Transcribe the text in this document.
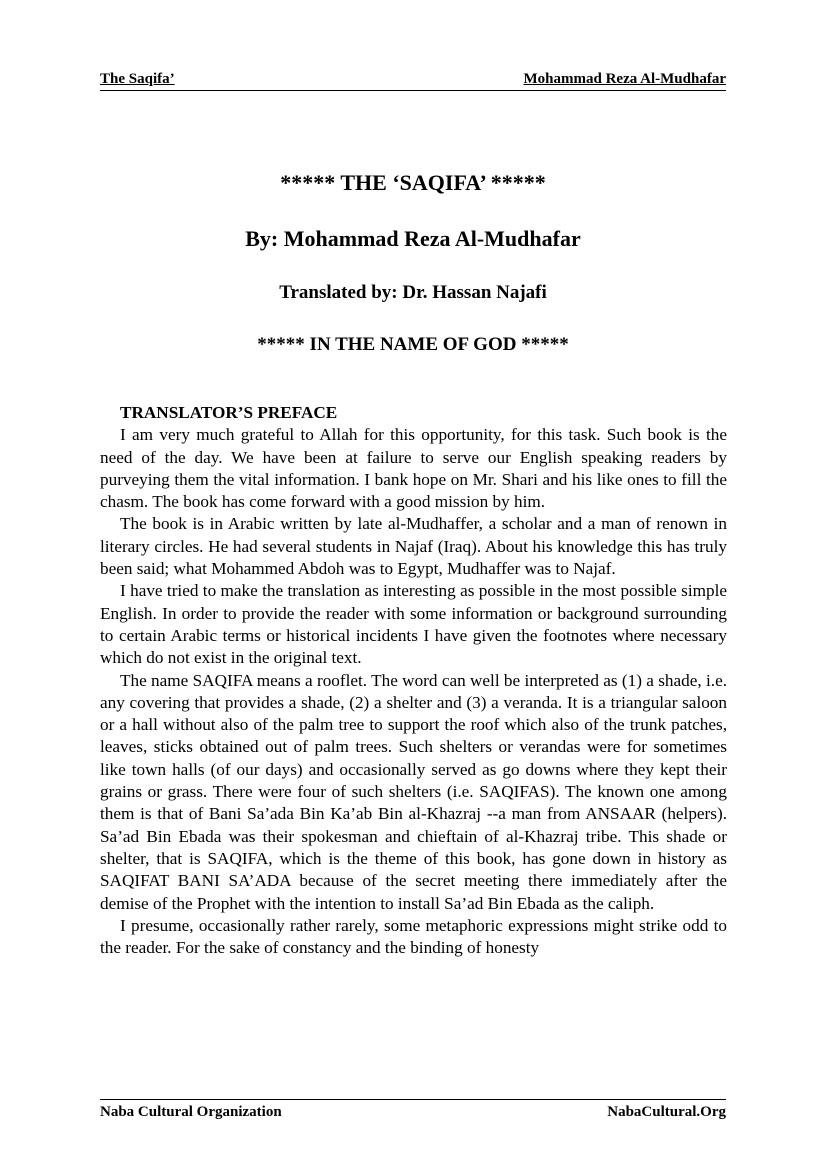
The Saqifa’	Mohammad Reza Al-Mudhafar

***** THE ‘SAQIFA’ *****

By: Mohammad Reza Al-Mudhafar

Translated by: Dr. Hassan Najafi

***** IN THE NAME OF GOD *****

TRANSLATOR’S PREFACE

I am very much grateful to Allah for this opportunity, for this task. Such book is the need of the day. We have been at failure to serve our English speaking readers by purveying them the vital information. I bank hope on Mr. Shari and his like ones to fill the chasm. The book has come forward with a good mission by him.

The book is in Arabic written by late al-Mudhaffer, a scholar and a man of renown in literary circles. He had several students in Najaf (Iraq). About his knowledge this has truly been said; what Mohammed Abdoh was to Egypt, Mudhaffer was to Najaf.

I have tried to make the translation as interesting as possible in the most possible simple English. In order to provide the reader with some information or background surrounding to certain Arabic terms or historical incidents I have given the footnotes where necessary which do not exist in the original text.

The name SAQIFA means a rooflet. The word can well be interpreted as (1) a shade, i.e. any covering that provides a shade, (2) a shelter and (3) a veranda. It is a triangular saloon or a hall without also of the palm tree to support the roof which also of the trunk patches, leaves, sticks obtained out of palm trees. Such shelters or verandas were for sometimes like town halls (of our days) and occasionally served as go downs where they kept their grains or grass. There were four of such shelters (i.e. SAQIFAS). The known one among them is that of Bani Sa’ada Bin Ka’ab Bin al-Khazraj --a man from ANSAAR (helpers). Sa’ad Bin Ebada was their spokesman and chieftain of al-Khazraj tribe. This shade or shelter, that is SAQIFA, which is the theme of this book, has gone down in history as SAQIFAT BANI SA’ADA because of the secret meeting there immediately after the demise of the Prophet with the intention to install Sa’ad Bin Ebada as the caliph.

I presume, occasionally rather rarely, some metaphoric expressions might strike odd to the reader. For the sake of constancy and the binding of honesty

Naba Cultural Organization	NabaCultural.Org
